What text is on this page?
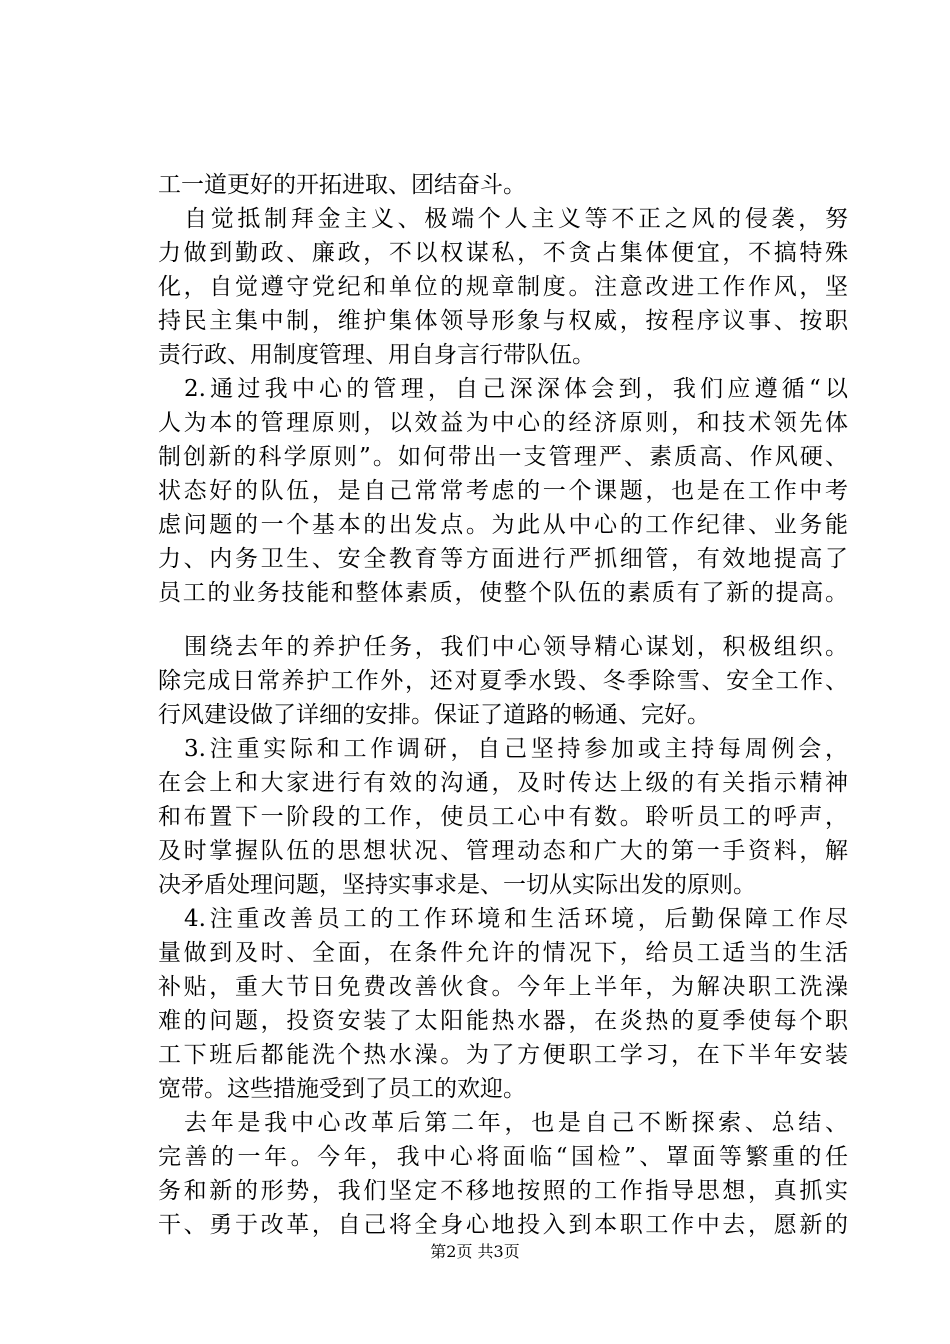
工一道更好的开拓进取、团结奋斗。
自觉抵制拜金主义、极端个人主义等不正之风的侵袭，努
力做到勤政、廉政，不以权谋私，不贪占集体便宜，不搞特殊
化，自觉遵守党纪和单位的规章制度。注意改进工作作风，坚
持民主集中制，维护集体领导形象与权威，按程序议事、按职
责行政、用制度管理、用自身言行带队伍。
2.通过我中心的管理，自己深深体会到，我们应遵循“以
人为本的管理原则，以效益为中心的经济原则，和技术领先体
制创新的科学原则”。如何带出一支管理严、素质高、作风硬、
状态好的队伍，是自己常常考虑的一个课题，也是在工作中考
虑问题的一个基本的出发点。为此从中心的工作纪律、业务能
力、内务卫生、安全教育等方面进行严抓细管，有效地提高了
员工的业务技能和整体素质，使整个队伍的素质有了新的提高。
围绕去年的养护任务，我们中心领导精心谋划，积极组织。
除完成日常养护工作外，还对夏季水毁、冬季除雪、安全工作、
行风建设做了详细的安排。保证了道路的畅通、完好。
3.注重实际和工作调研，自己坚持参加或主持每周例会，
在会上和大家进行有效的沟通，及时传达上级的有关指示精神
和布置下一阶段的工作，使员工心中有数。聆听员工的呼声，
及时掌握队伍的思想状况、管理动态和广大的第一手资料，解
决矛盾处理问题，坚持实事求是、一切从实际出发的原则。
4.注重改善员工的工作环境和生活环境，后勤保障工作尽
量做到及时、全面，在条件允许的情况下，给员工适当的生活
补贴，重大节日免费改善伙食。今年上半年，为解决职工洗澡
难的问题，投资安装了太阳能热水器，在炎热的夏季使每个职
工下班后都能洗个热水澡。为了方便职工学习，在下半年安装
宽带。这些措施受到了员工的欢迎。
去年是我中心改革后第二年，也是自己不断探索、总结、
完善的一年。今年，我中心将面临“国检”、罩面等繁重的任
务和新的形势，我们坚定不移地按照的工作指导思想，真抓实
干、勇于改革，自己将全身心地投入到本职工作中去，愿新的
第2页 共3页
